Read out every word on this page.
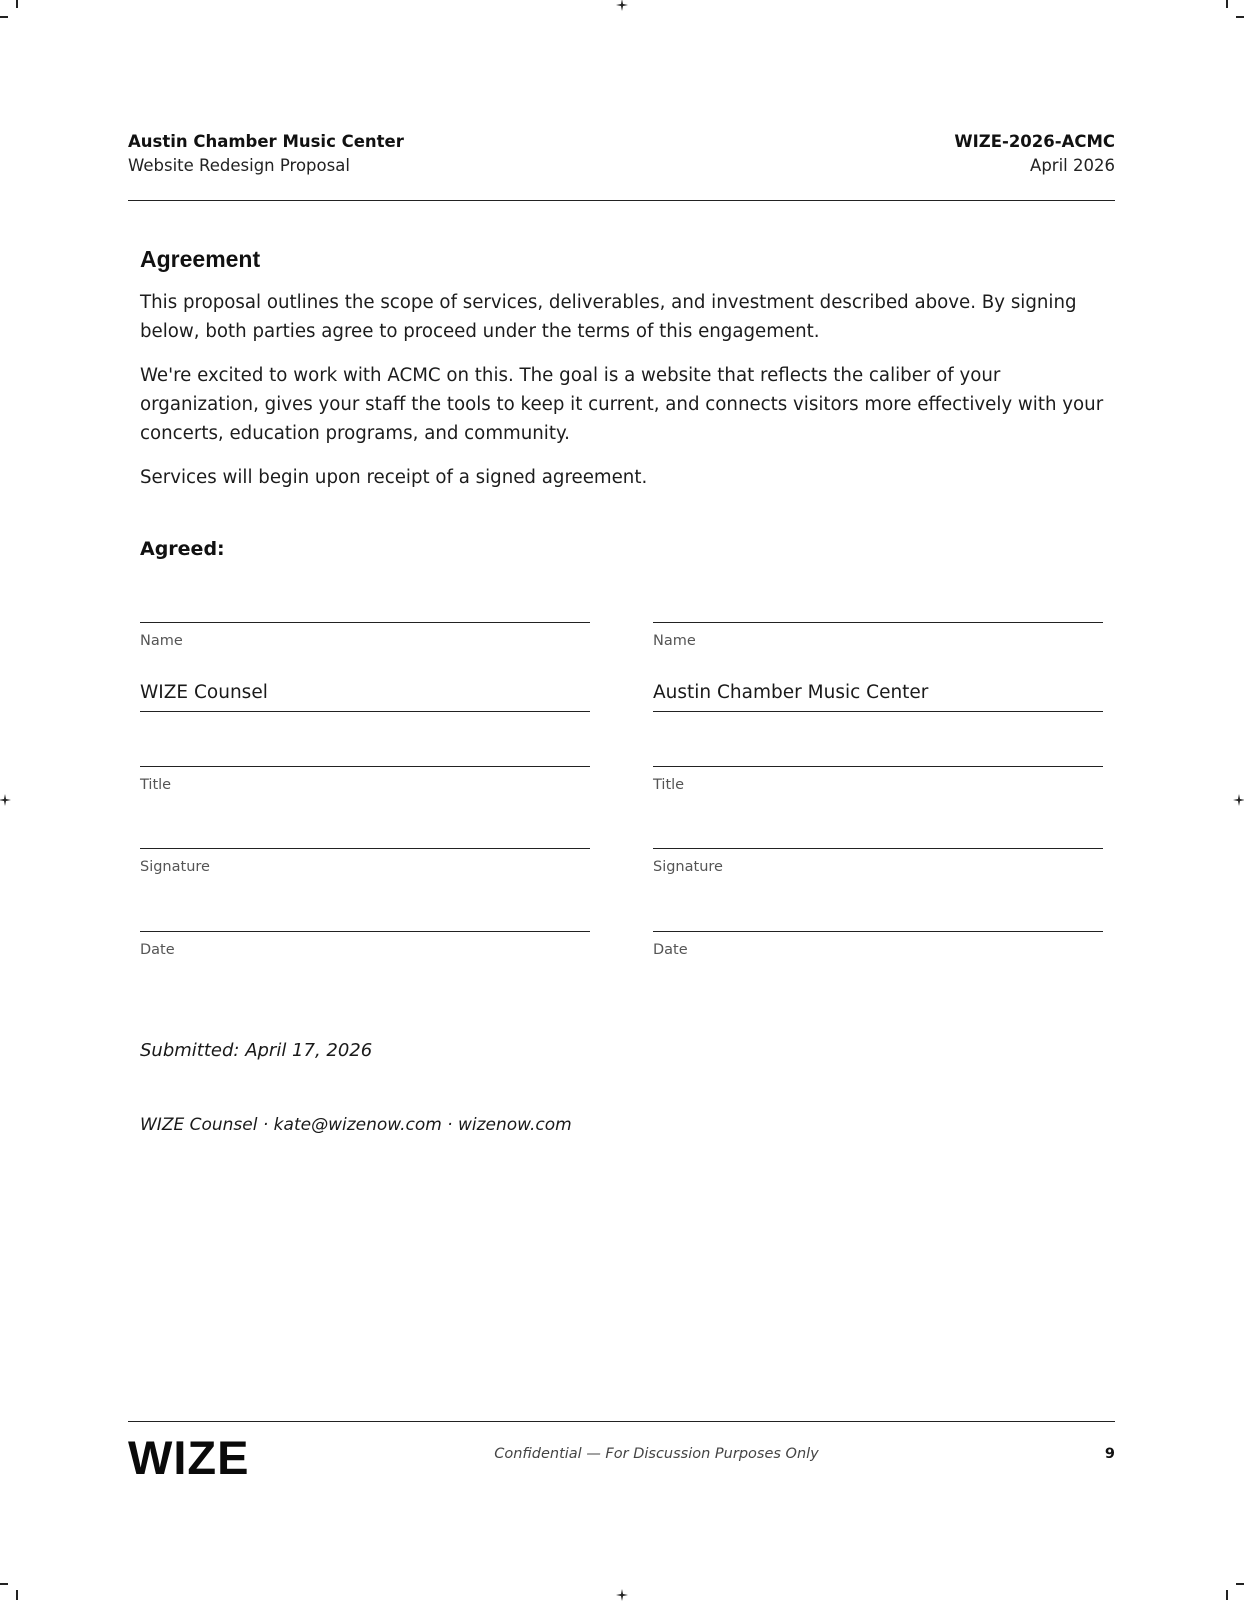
Austin Chamber Music Center
Website Redesign Proposal
WIZE-2026-ACMC
April 2026
Agreement

This proposal outlines the scope of services, deliverables, and investment described above. By signing below, both parties agree to proceed under the terms of this engagement.

We're excited to work with ACMC on this. The goal is a website that reflects the caliber of your organization, gives your staff the tools to keep it current, and connects visitors more effectively with your concerts, education programs, and community.

Services will begin upon receipt of a signed agreement.

Agreed:
Name
WIZE Counsel
Title
Signature
Date
Name
Austin Chamber Music Center
Title
Signature
Date
Submitted: April 17, 2026
WIZE Counsel · kate@wizenow.com · wizenow.com
WIZE	Confidential — For Discussion Purposes Only	9
